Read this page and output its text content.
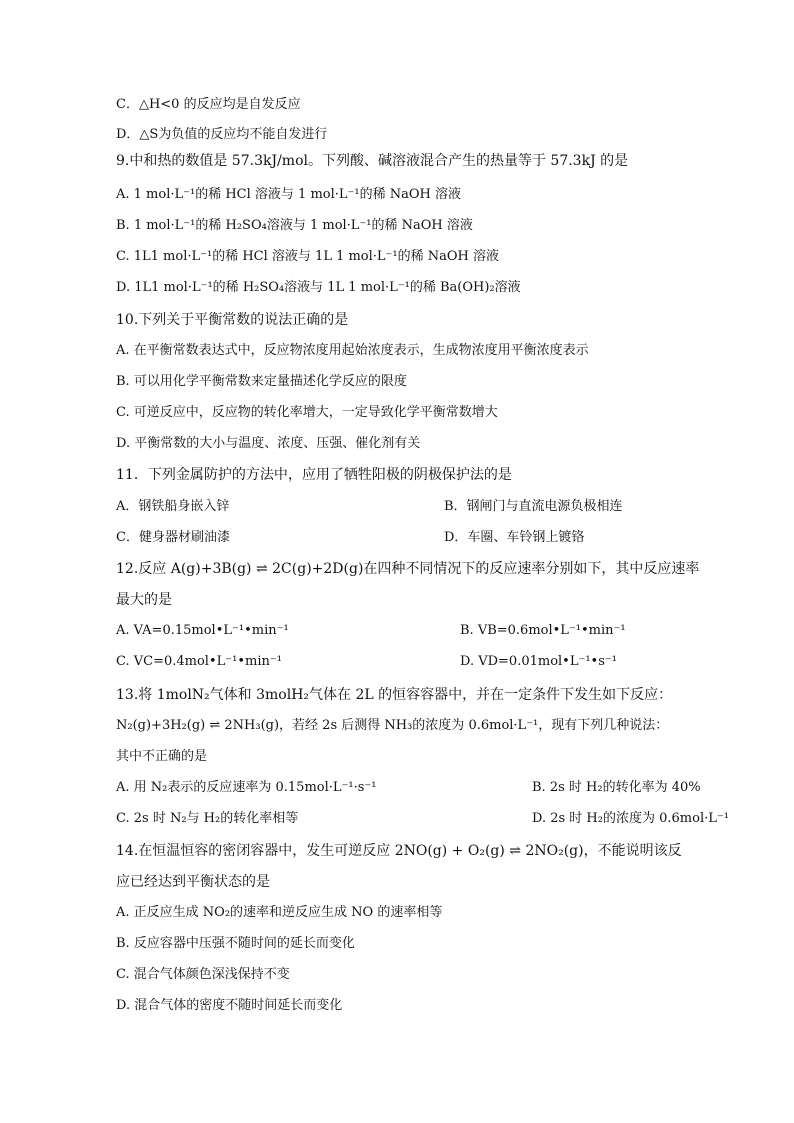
C．△H<0 的反应均是自发反应
D．△S为负值的反应均不能自发进行
9.中和热的数值是 57.3kJ/mol。下列酸、碱溶液混合产生的热量等于 57.3kJ 的是
A. 1 mol·L⁻¹的稀 HCl 溶液与 1 mol·L⁻¹的稀 NaOH 溶液
B. 1 mol·L⁻¹的稀 H₂SO₄溶液与 1 mol·L⁻¹的稀 NaOH 溶液
C. 1L1 mol·L⁻¹的稀 HCl 溶液与 1L 1 mol·L⁻¹的稀 NaOH 溶液
D. 1L1 mol·L⁻¹的稀 H₂SO₄溶液与 1L 1 mol·L⁻¹的稀 Ba(OH)₂溶液
10.下列关于平衡常数的说法正确的是
A. 在平衡常数表达式中，反应物浓度用起始浓度表示，生成物浓度用平衡浓度表示
B. 可以用化学平衡常数来定量描述化学反应的限度
C. 可逆反应中，反应物的转化率增大，一定导致化学平衡常数增大
D. 平衡常数的大小与温度、浓度、压强、催化剂有关
11．下列金属防护的方法中，应用了牺牲阳极的阴极保护法的是
A．钢铁船身嵌入锌	B．钢闸门与直流电源负极相连
C．健身器材刷油漆	D．车圈、车铃钢上镀铬
12.反应 A(g)+3B(g) ⇌ 2C(g)+2D(g)在四种不同情况下的反应速率分别如下，其中反应速率
最大的是
A. VA=0.15mol•L⁻¹•min⁻¹	B. VB=0.6mol•L⁻¹•min⁻¹
C. VC=0.4mol•L⁻¹•min⁻¹	D. VD=0.01mol•L⁻¹•s⁻¹
13.将 1molN₂气体和 3molH₂气体在 2L 的恒容容器中，并在一定条件下发生如下反应：
N₂(g)+3H₂(g) ⇌ 2NH₃(g)，若经 2s 后测得 NH₃的浓度为 0.6mol·L⁻¹，现有下列几种说法：
其中不正确的是
A. 用 N₂表示的反应速率为 0.15mol·L⁻¹·s⁻¹	B. 2s 时 H₂的转化率为 40%
C. 2s 时 N₂与 H₂的转化率相等	D. 2s 时 H₂的浓度为 0.6mol·L⁻¹
14.在恒温恒容的密闭容器中，发生可逆反应 2NO(g) + O₂(g) ⇌ 2NO₂(g)，不能说明该反
应已经达到平衡状态的是
A. 正反应生成 NO₂的速率和逆反应生成 NO 的速率相等
B. 反应容器中压强不随时间的延长而变化
C. 混合气体颜色深浅保持不变
D. 混合气体的密度不随时间延长而变化
